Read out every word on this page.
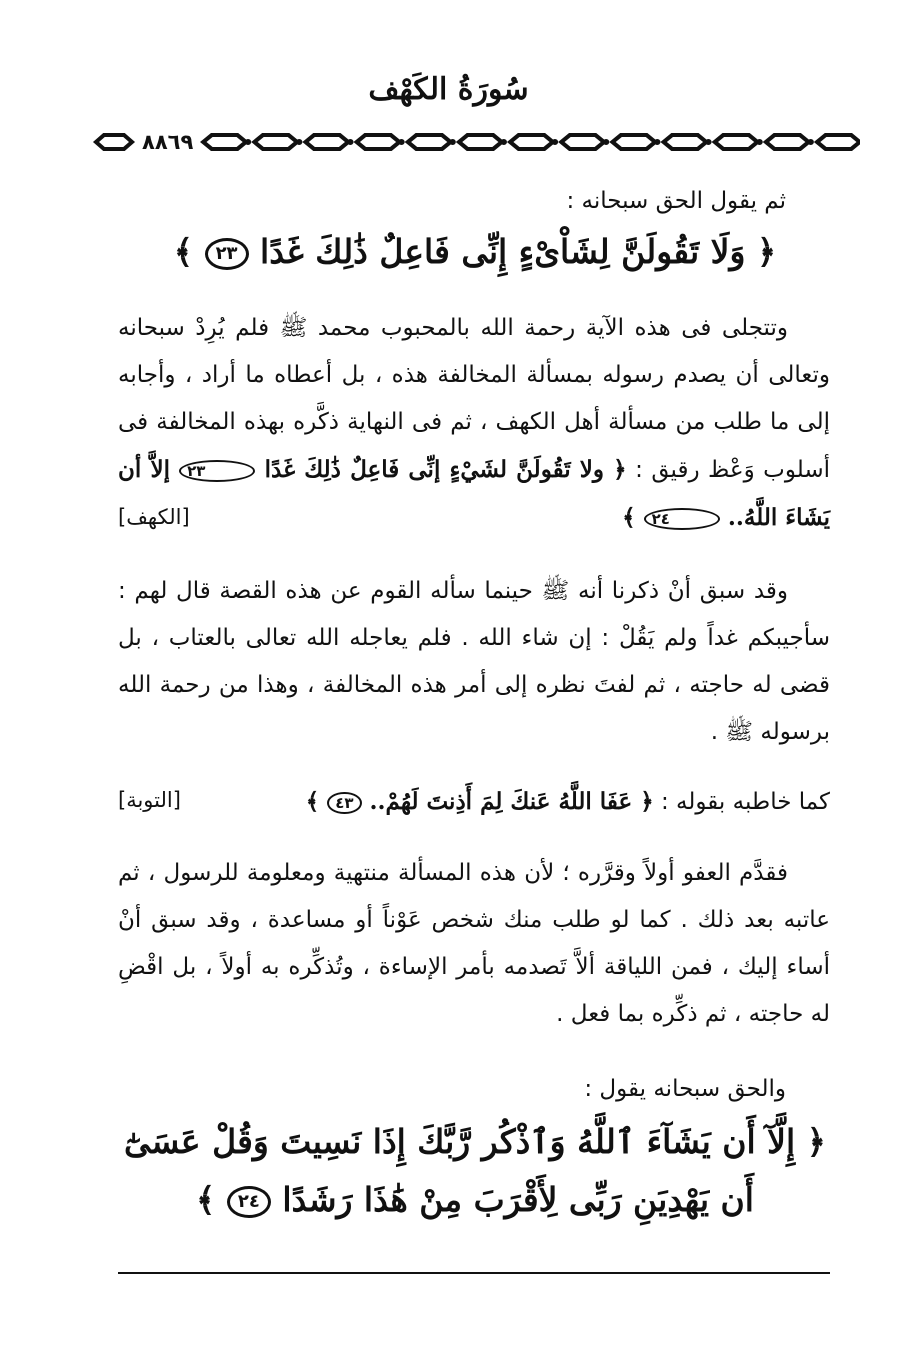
سُورَةُ الكَهْف
٨٨٦٩
ثم يقول الحق سبحانه :
﴿ وَلَا تَقُولَنَّ لِشَاْىْءٍ إِنِّى فَاعِلٌ ذَٰلِكَ غَدًا ٢٣ ﴾

وتتجلى فى هذه الآية رحمة الله بالمحبوب محمد ﷺ فلم يُرِدْ سبحانه وتعالى أن يصدم رسوله بمسألة المخالفة هذه ، بل أعطاه ما أراد ، وأجابه إلى ما طلب من مسألة أهل الكهف ، ثم فى النهاية ذكَّره بهذه المخالفة فى أسلوب وَعْظ رقيق : ﴿ ولا تَقُولَنَّ لشَيْءٍ إنِّى فَاعِلٌ ذَٰلِكَ غَدًا ٢٣ إلاَّ أن يَشَاءَ اللَّهُ.. ٢٤ ﴾
[الكهف]

وقد سبق أنْ ذكرنا أنه ﷺ حينما سأله القوم عن هذه القصة قال لهم : سأجيبكم غداً ولم يَقُلْ : إن شاء الله . فلم يعاجله الله تعالى بالعتاب ، بل قضى له حاجته ، ثم لفتَ نظره إلى أمر هذه المخالفة ، وهذا من رحمة الله برسوله ﷺ .

كما خاطبه بقوله : ﴿ عَفَا اللَّهُ عَنكَ لِمَ أَذِنتَ لَهُمْ.. ٤٣ ﴾
[التوبة]

فقدَّم العفو أولاً وقرَّره ؛ لأن هذه المسألة منتهية ومعلومة للرسول ، ثم عاتبه بعد ذلك . كما لو طلب منك شخص عَوْناً أو مساعدة ، وقد سبق أنْ أساء إليك ، فمن اللياقة ألاَّ تَصدمه بأمر الإساءة ، وتُذكِّره به أولاً ، بل اقْضِ له حاجته ، ثم ذكِّره بما فعل .

والحق سبحانه يقول :
﴿ إِلَّآ أَن يَشَآءَ ٱللَّهُ وَٱذْكُر رَّبَّكَ إِذَا نَسِيتَ وَقُلْ عَسَىٰٓ
أَن يَهْدِيَنِ رَبِّى لِأَقْرَبَ مِنْ هَٰذَا رَشَدًا ٢٤ ﴾
